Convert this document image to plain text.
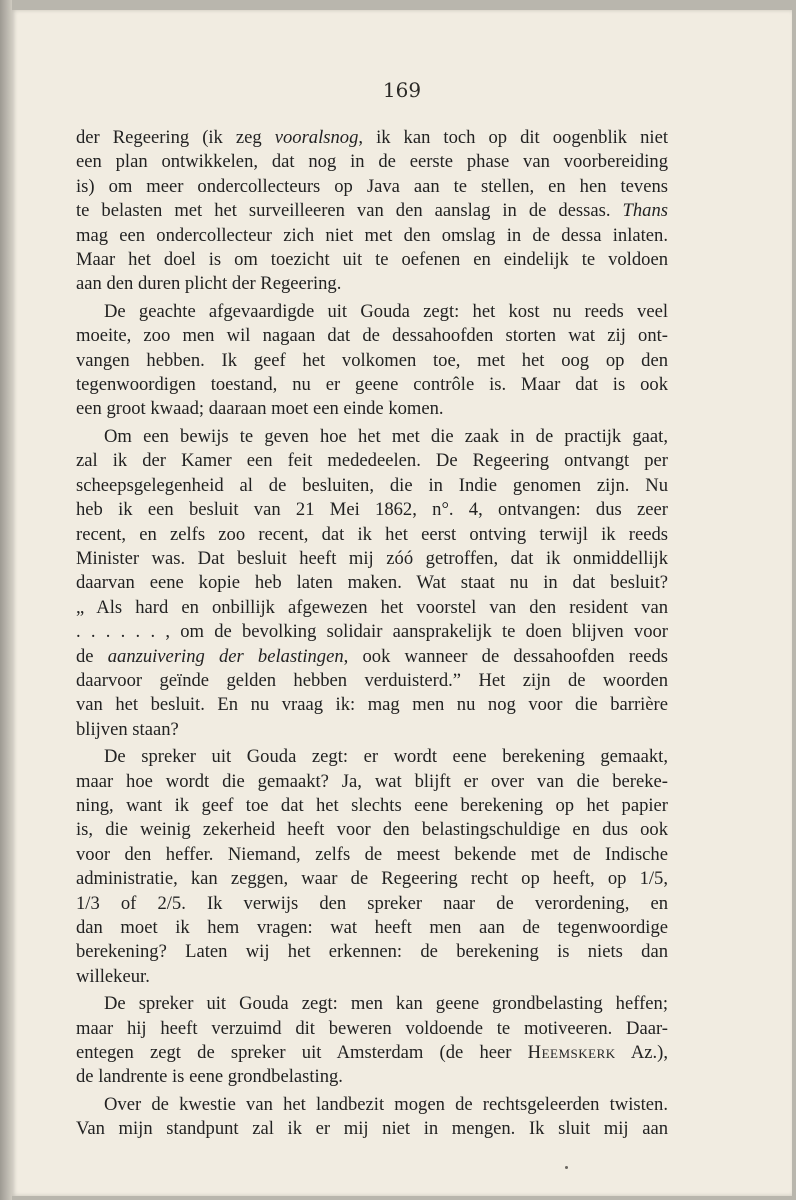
169
der Regeering (ik zeg vooralsnog, ik kan toch op dit oogenblik niet
een plan ontwikkelen, dat nog in de eerste phase van voorbereiding
is) om meer ondercollecteurs op Java aan te stellen, en hen tevens
te belasten met het surveilleeren van den aanslag in de dessas. Thans
mag een ondercollecteur zich niet met den omslag in de dessa inlaten.
Maar het doel is om toezicht uit te oefenen en eindelijk te voldoen
aan den duren plicht der Regeering.
De geachte afgevaardigde uit Gouda zegt: het kost nu reeds veel
moeite, zoo men wil nagaan dat de dessahoofden storten wat zij ont-
vangen hebben. Ik geef het volkomen toe, met het oog op den
tegenwoordigen toestand, nu er geene contrôle is. Maar dat is ook
een groot kwaad; daaraan moet een einde komen.
Om een bewijs te geven hoe het met die zaak in de practijk gaat,
zal ik der Kamer een feit mededeelen. De Regeering ontvangt per
scheepsgelegenheid al de besluiten, die in Indie genomen zijn. Nu
heb ik een besluit van 21 Mei 1862, n°. 4, ontvangen: dus zeer
recent, en zelfs zoo recent, dat ik het eerst ontving terwijl ik reeds
Minister was. Dat besluit heeft mij zóó getroffen, dat ik onmiddellijk
daarvan eene kopie heb laten maken. Wat staat nu in dat besluit?
„ Als hard en onbillijk afgewezen het voorstel van den resident van
. . . . . . , om de bevolking solidair aansprakelijk te doen blijven voor
de aanzuivering der belastingen, ook wanneer de dessahoofden reeds
daarvoor geïnde gelden hebben verduisterd.” Het zijn de woorden
van het besluit. En nu vraag ik: mag men nu nog voor die barrière
blijven staan?
De spreker uit Gouda zegt: er wordt eene berekening gemaakt,
maar hoe wordt die gemaakt? Ja, wat blijft er over van die bereke-
ning, want ik geef toe dat het slechts eene berekening op het papier
is, die weinig zekerheid heeft voor den belastingschuldige en dus ook
voor den heffer. Niemand, zelfs de meest bekende met de Indische
administratie, kan zeggen, waar de Regeering recht op heeft, op 1/5,
1/3 of 2/5. Ik verwijs den spreker naar de verordening, en
dan moet ik hem vragen: wat heeft men aan de tegenwoordige
berekening? Laten wij het erkennen: de berekening is niets dan
willekeur.
De spreker uit Gouda zegt: men kan geene grondbelasting heffen;
maar hij heeft verzuimd dit beweren voldoende te motiveeren. Daar-
entegen zegt de spreker uit Amsterdam (de heer Heemskerk Az.),
de landrente is eene grondbelasting.
Over de kwestie van het landbezit mogen de rechtsgeleerden twisten.
Van mijn standpunt zal ik er mij niet in mengen. Ik sluit mij aan
